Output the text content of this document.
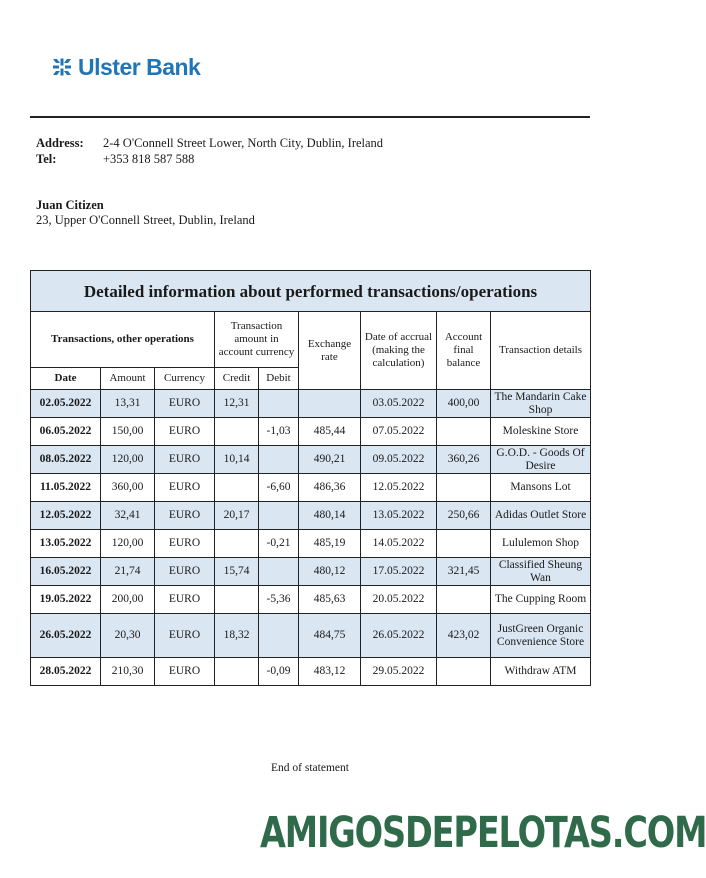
Ulster Bank
Address:	2-4 O'Connell Street Lower, North City, Dublin, Ireland
Tel:	+353 818 587 588
Juan Citizen
23, Upper O'Connell Street, Dublin, Ireland
Detailed information about performed transactions/operations								
Transactions, other operations			Transaction amount in account currency		Exchange rate	Date of accrual (making the calculation)	Account final balance	Transaction details
Date	Amount	Currency	Credit	Debit				
02.05.2022	13,31	EURO	12,31			03.05.2022	400,00	The Mandarin Cake Shop
06.05.2022	150,00	EURO		-1,03	485,44	07.05.2022		Moleskine Store
08.05.2022	120,00	EURO	10,14		490,21	09.05.2022	360,26	G.O.D. - Goods Of Desire
11.05.2022	360,00	EURO		-6,60	486,36	12.05.2022		Mansons Lot
12.05.2022	32,41	EURO	20,17		480,14	13.05.2022	250,66	Adidas Outlet Store
13.05.2022	120,00	EURO		-0,21	485,19	14.05.2022		Lululemon Shop
16.05.2022	21,74	EURO	15,74		480,12	17.05.2022	321,45	Classified Sheung Wan
19.05.2022	200,00	EURO		-5,36	485,63	20.05.2022		The Cupping Room
26.05.2022	20,30	EURO	18,32		484,75	26.05.2022	423,02	JustGreen Organic Convenience Store
28.05.2022	210,30	EURO		-0,09	483,12	29.05.2022		Withdraw ATM
End of statement
AMIGOSDEPELOTAS.COM
